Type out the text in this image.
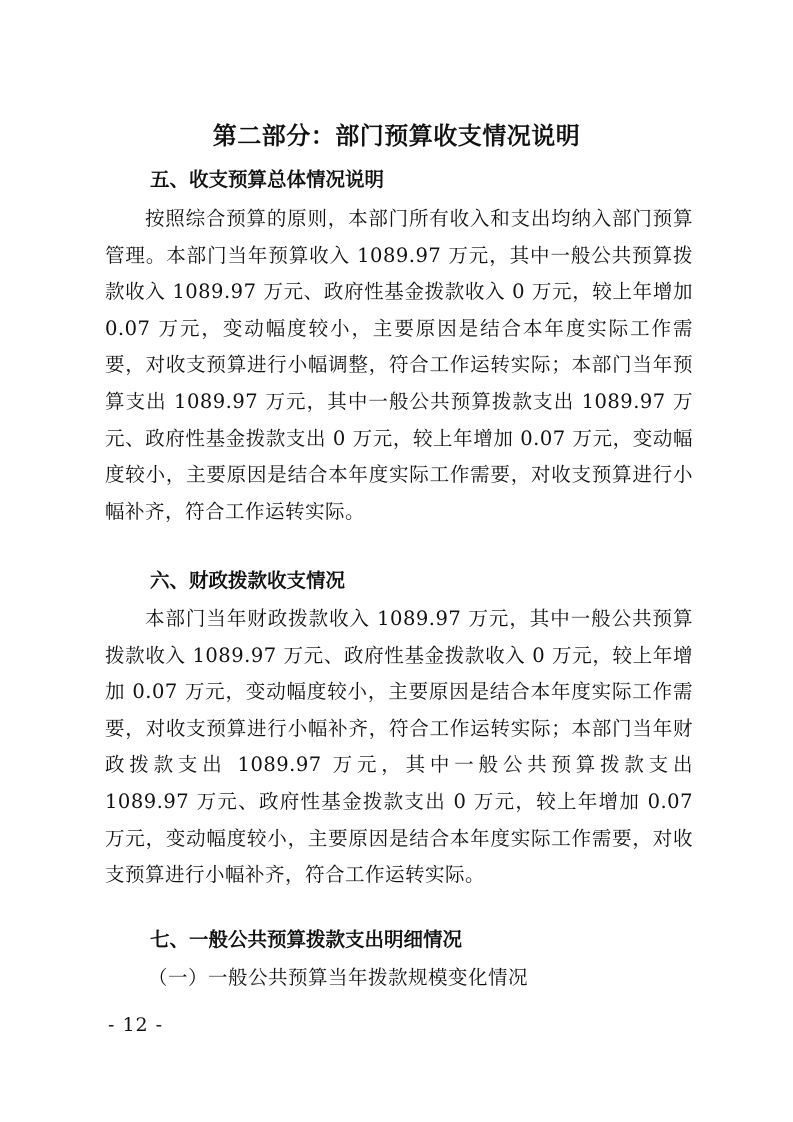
第二部分：部门预算收支情况说明
五、收支预算总体情况说明

按照综合预算的原则，本部门所有收入和支出均纳入部门预算管理。本部门当年预算收入 1089.97 万元，其中一般公共预算拨款收入 1089.97 万元、政府性基金拨款收入 0 万元，较上年增加 0.07 万元，变动幅度较小，主要原因是结合本年度实际工作需要，对收支预算进行小幅调整，符合工作运转实际；本部门当年预算支出 1089.97 万元，其中一般公共预算拨款支出 1089.97 万元、政府性基金拨款支出 0 万元，较上年增加 0.07 万元，变动幅度较小，主要原因是结合本年度实际工作需要，对收支预算进行小幅补齐，符合工作运转实际。

六、财政拨款收支情况

本部门当年财政拨款收入 1089.97 万元，其中一般公共预算拨款收入 1089.97 万元、政府性基金拨款收入 0 万元，较上年增加 0.07 万元，变动幅度较小，主要原因是结合本年度实际工作需要，对收支预算进行小幅补齐，符合工作运转实际；本部门当年财政拨款支出 1089.97 万元，其中一般公共预算拨款支出 1089.97 万元、政府性基金拨款支出 0 万元，较上年增加 0.07 万元，变动幅度较小，主要原因是结合本年度实际工作需要，对收支预算进行小幅补齐，符合工作运转实际。

七、一般公共预算拨款支出明细情况
（一）一般公共预算当年拨款规模变化情况
- 12 -
